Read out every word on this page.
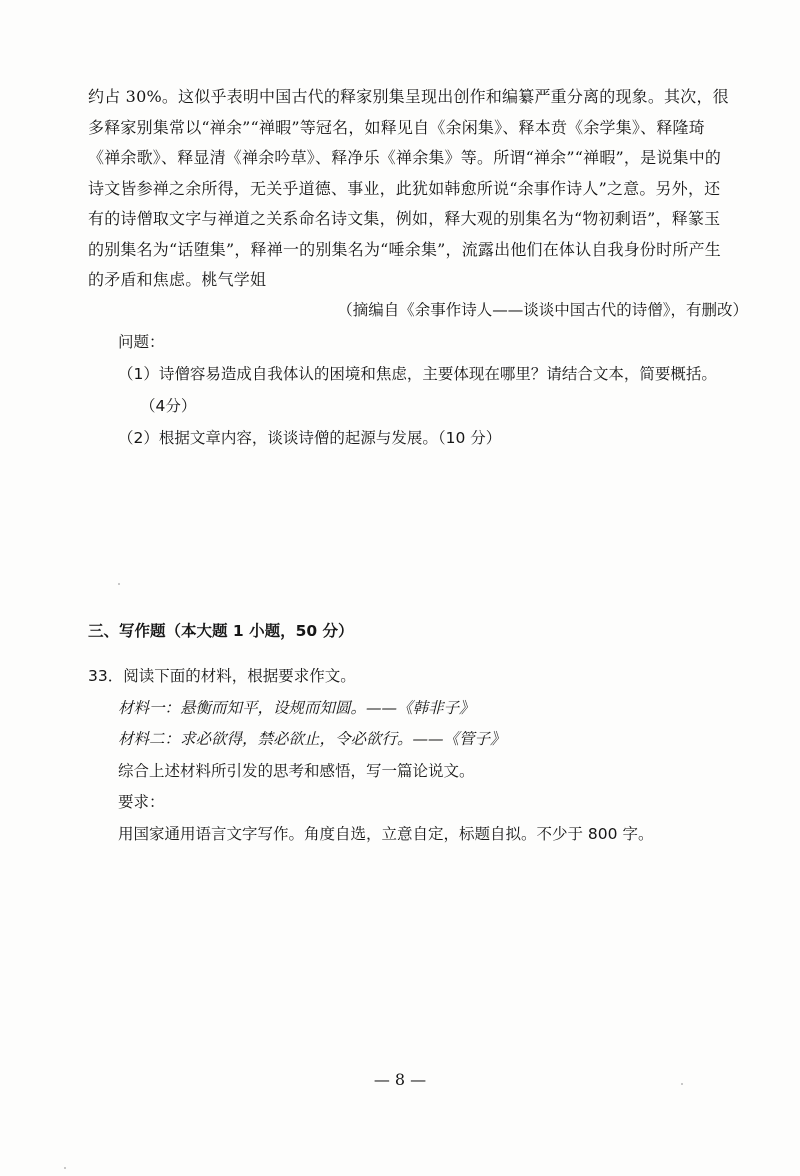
约占 30%。这似乎表明中国古代的释家别集呈现出创作和编纂严重分离的现象。其次，很
多释家别集常以“禅余”“禅暇”等冠名，如释见自《余闲集》、释本贲《余学集》、释隆琦
《禅余歌》、释显清《禅余吟草》、释净乐《禅余集》等。所谓“禅余”“禅暇”，是说集中的
诗文皆参禅之余所得，无关乎道德、事业，此犹如韩愈所说“余事作诗人”之意。另外，还
有的诗僧取文字与禅道之关系命名诗文集，例如，释大观的别集名为“物初剩语”，释篆玉
的别集名为“话堕集”，释禅一的别集名为“唾余集”，流露出他们在体认自我身份时所产生
的矛盾和焦虑。桃气学姐
（摘编自《余事作诗人——谈谈中国古代的诗僧》，有删改）
问题：
（1）诗僧容易造成自我体认的困境和焦虑，主要体现在哪里？请结合文本，简要概括。
（4分）
（2）根据文章内容，谈谈诗僧的起源与发展。（10 分）
三、写作题（本大题 1 小题，50 分）
33．阅读下面的材料，根据要求作文。
材料一：悬衡而知平，设规而知圆。——《韩非子》
材料二：求必欲得，禁必欲止，令必欲行。——《管子》
综合上述材料所引发的思考和感悟，写一篇论说文。
要求：
用国家通用语言文字写作。角度自选，立意自定，标题自拟。不少于 800 字。
— 8 —
